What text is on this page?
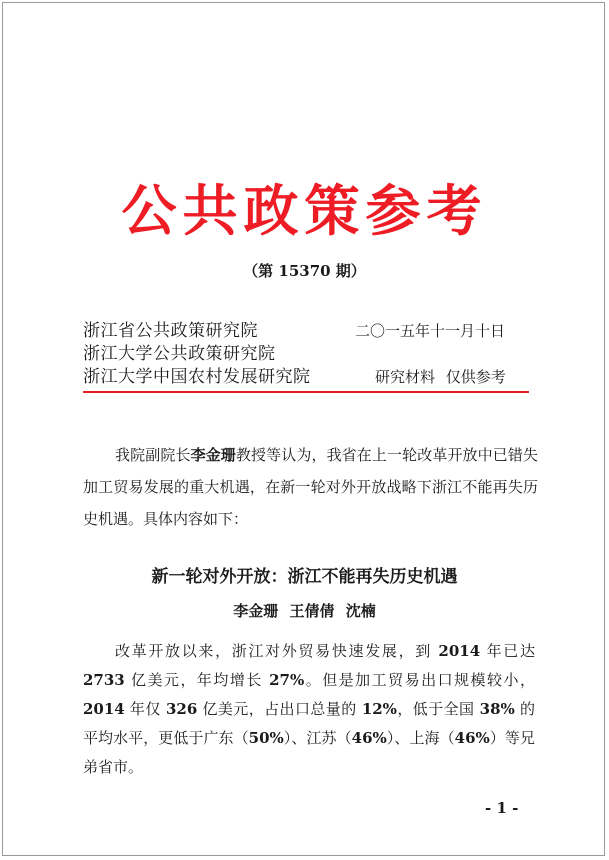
公共政策参考
（第 15370 期）
浙江省公共政策研究院
浙江大学公共政策研究院
浙江大学中国农村发展研究院
二〇一五年十一月十日
研究材料 仅供参考

我院副院长李金珊教授等认为，我省在上一轮改革开放中已错失加工贸易发展的重大机遇，在新一轮对外开放战略下浙江不能再失历史机遇。具体内容如下：

新一轮对外开放：浙江不能再失历史机遇
李金珊 王倩倩 沈楠

改革开放以来，浙江对外贸易快速发展，到 2014 年已达 2733 亿美元，年均增长 27%。但是加工贸易出口规模较小，2014 年仅 326 亿美元，占出口总量的 12%，低于全国 38% 的平均水平，更低于广东（50%）、江苏（46%）、上海（46%）等兄弟省市。

- 1 -
